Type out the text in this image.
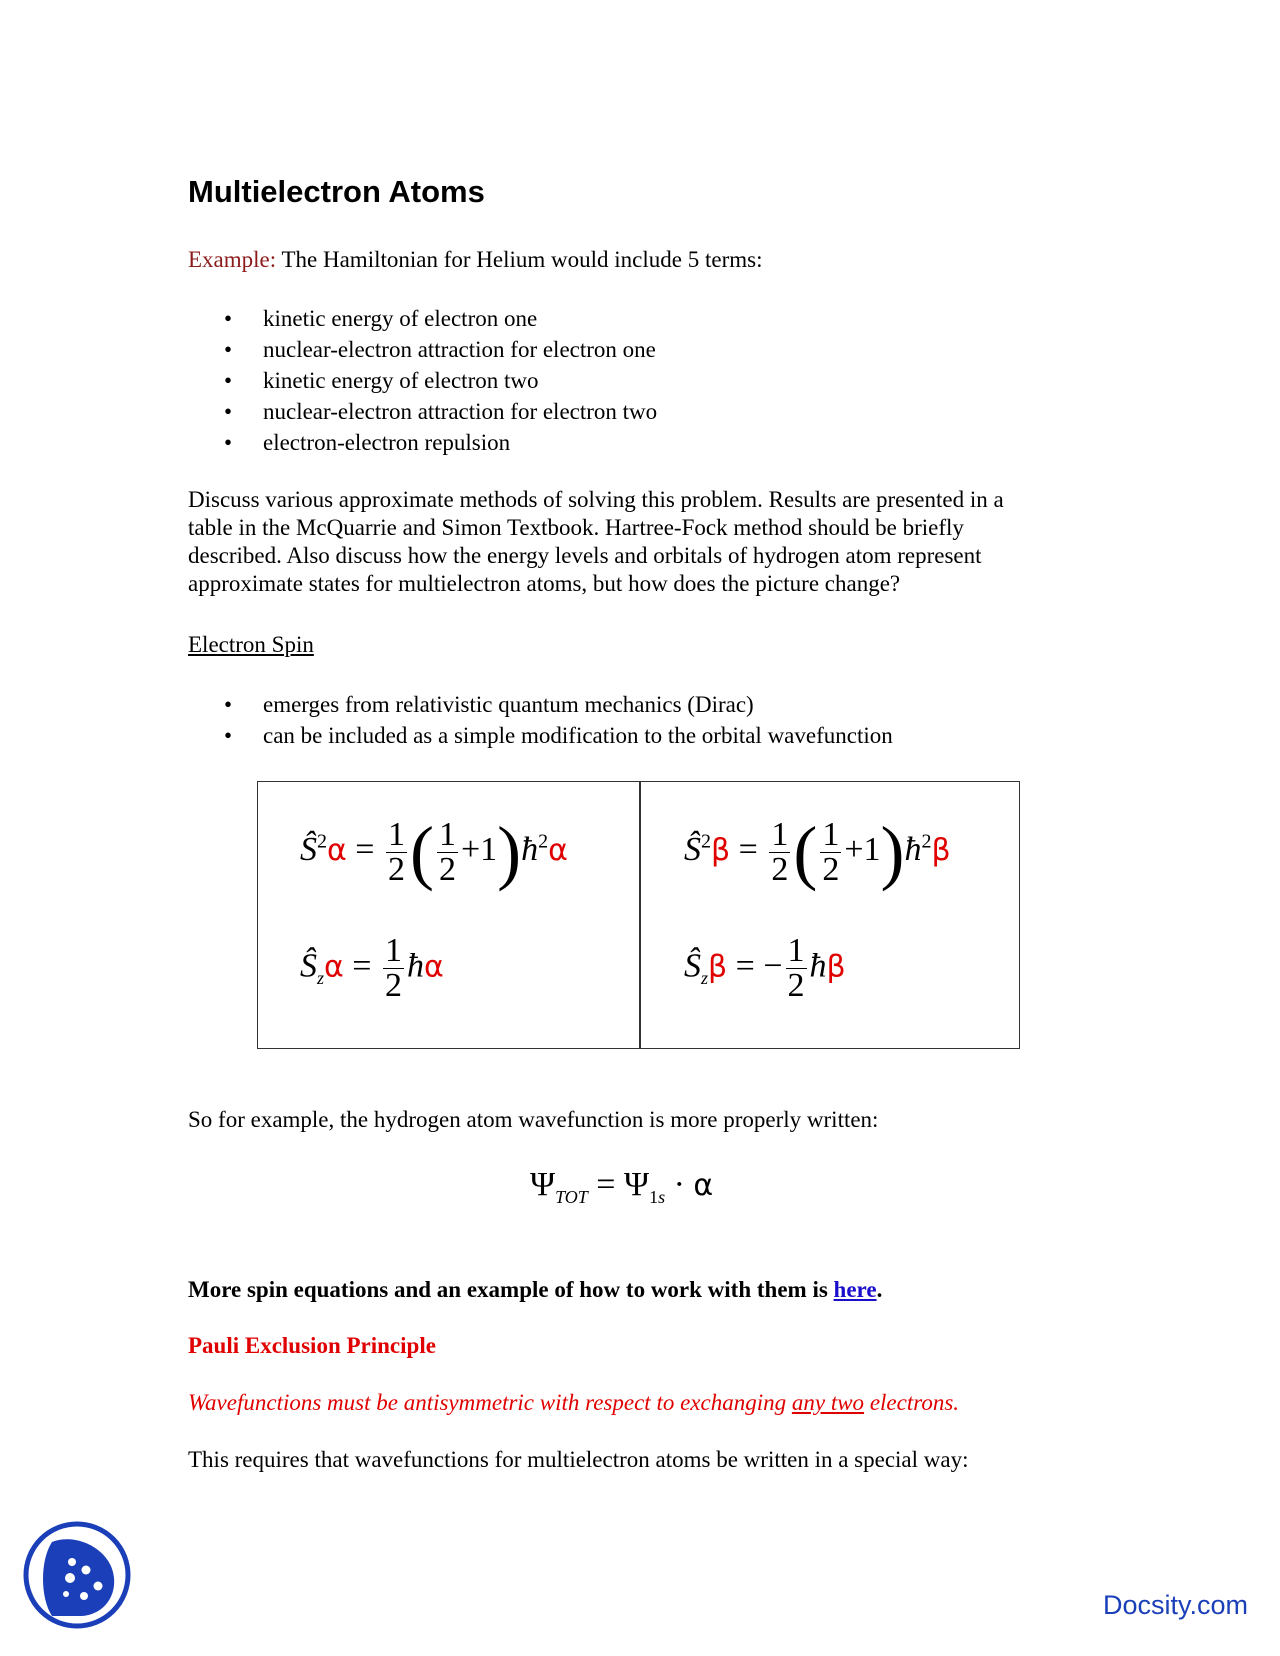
Multielectron Atoms
Example: The Hamiltonian for Helium would include 5 terms:
• kinetic energy of electron one
• nuclear-electron attraction for electron one
• kinetic energy of electron two
• nuclear-electron attraction for electron two
• electron-electron repulsion
Discuss various approximate methods of solving this problem. Results are presented in a
table in the McQuarrie and Simon Textbook. Hartree-Fock method should be briefly
described. Also discuss how the energy levels and orbitals of hydrogen atom represent
approximate states for multielectron atoms, but how does the picture change?
Electron Spin
• emerges from relativistic quantum mechanics (Dirac)
• can be included as a simple modification to the orbital wavefunction
$Ŝ^2\alpha = \frac{1}{2}$ ( $\frac{1}{2}$ $+1)ħ^2\alpha$	$Ŝ^2\beta = \frac{1}{2}$ ( $\frac{1}{2}$ $+1)ħ^2\beta$
$Ŝ_z\alpha = \frac{1}{2}$ ħα	$Ŝ_z\beta$ = − $\frac{1}{2}$ ħβ
So for example, the hydrogen atom wavefunction is more properly written:
$\Psi_{TOT} = \Psi_{1s} \cdot \alpha$
More spin equations and an example of how to work with them is here.
Pauli Exclusion Principle
Wavefunctions must be antisymmetric with respect to exchanging any two electrons.
This requires that wavefunctions for multielectron atoms be written in a special way:
Docsity.com
